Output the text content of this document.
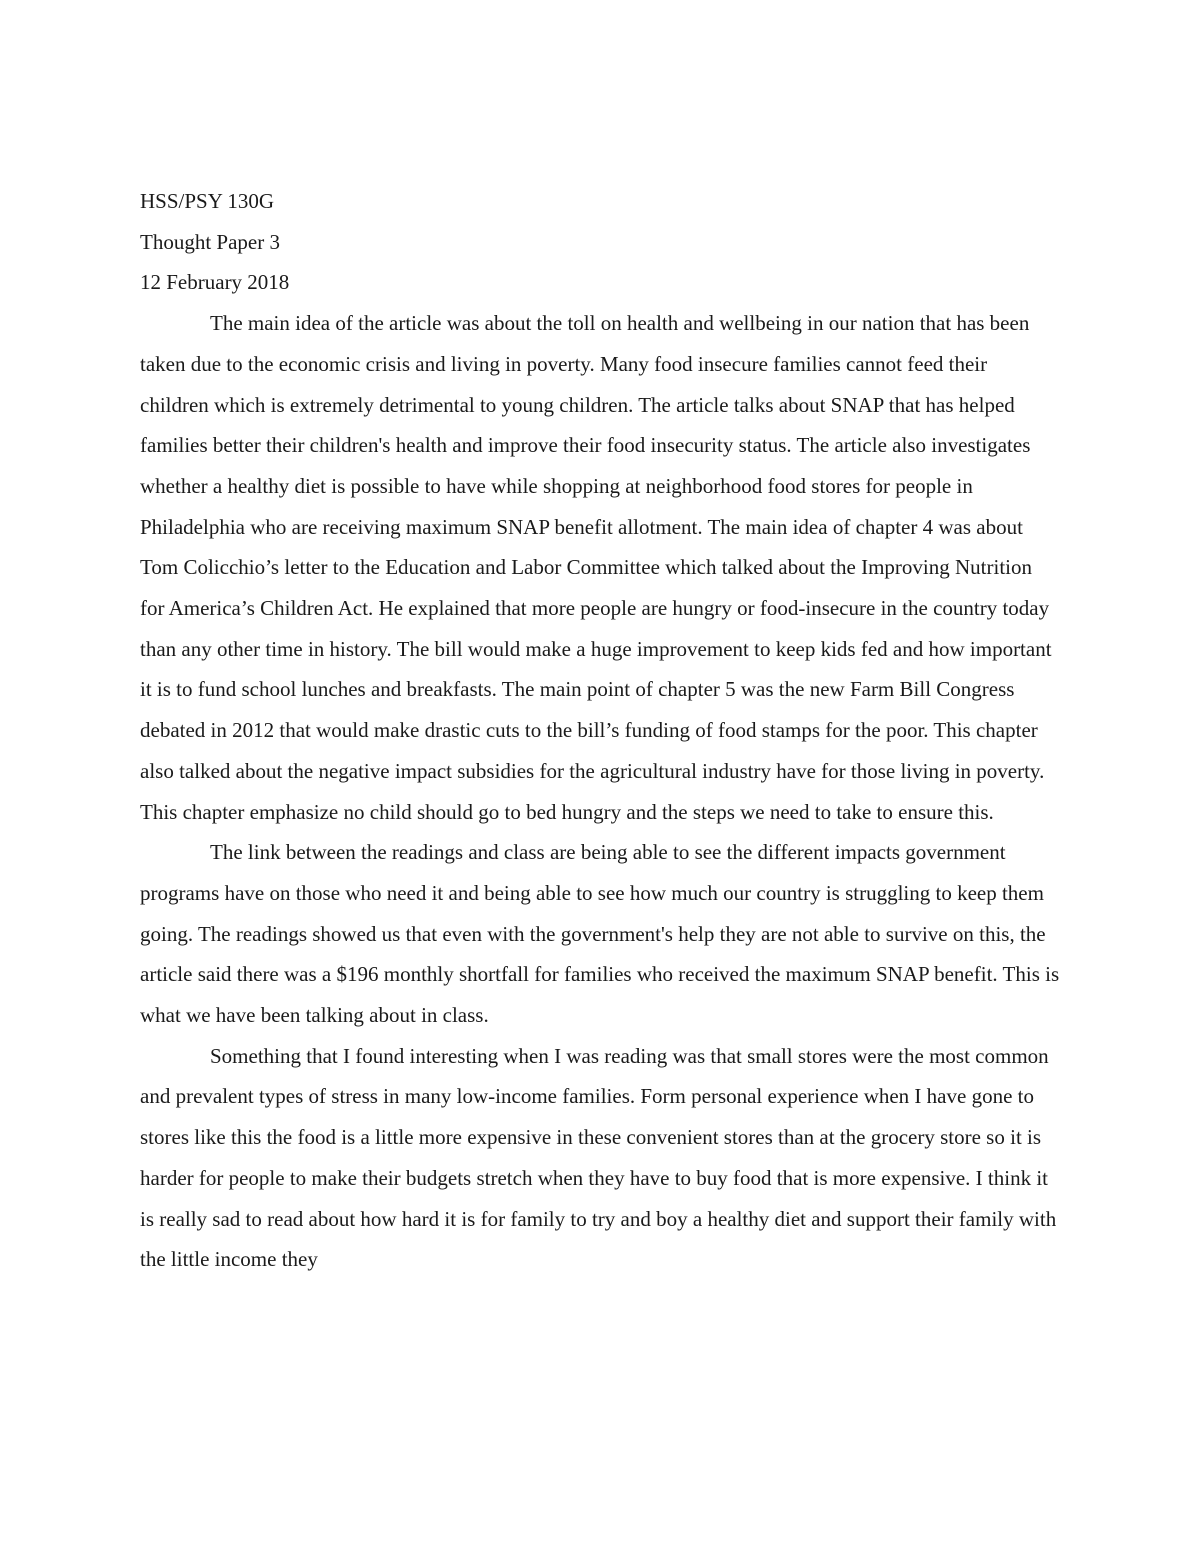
HSS/PSY 130G

Thought Paper 3

12 February 2018

The main idea of the article was about the toll on health and wellbeing in our nation that has been taken due to the economic crisis and living in poverty. Many food insecure families cannot feed their children which is extremely detrimental to young children. The article talks about SNAP that has helped families better their children's health and improve their food insecurity status. The article also investigates whether a healthy diet is possible to have while shopping at neighborhood food stores for people in Philadelphia who are receiving maximum SNAP benefit allotment. The main idea of chapter 4 was about Tom Colicchio’s letter to the Education and Labor Committee which talked about the Improving Nutrition for America’s Children Act. He explained that more people are hungry or food-insecure in the country today than any other time in history. The bill would make a huge improvement to keep kids fed and how important it is to fund school lunches and breakfasts. The main point of chapter 5 was the new Farm Bill Congress debated in 2012 that would make drastic cuts to the bill’s funding of food stamps for the poor. This chapter also talked about the negative impact subsidies for the agricultural industry have for those living in poverty. This chapter emphasize no child should go to bed hungry and the steps we need to take to ensure this.

The link between the readings and class are being able to see the different impacts government programs have on those who need it and being able to see how much our country is struggling to keep them going. The readings showed us that even with the government's help they are not able to survive on this, the article said there was a $196 monthly shortfall for families who received the maximum SNAP benefit. This is what we have been talking about in class.

Something that I found interesting when I was reading was that small stores were the most common and prevalent types of stress in many low-income families. Form personal experience when I have gone to stores like this the food is a little more expensive in these convenient stores than at the grocery store so it is harder for people to make their budgets stretch when they have to buy food that is more expensive. I think it is really sad to read about how hard it is for family to try and boy a healthy diet and support their family with the little income they
